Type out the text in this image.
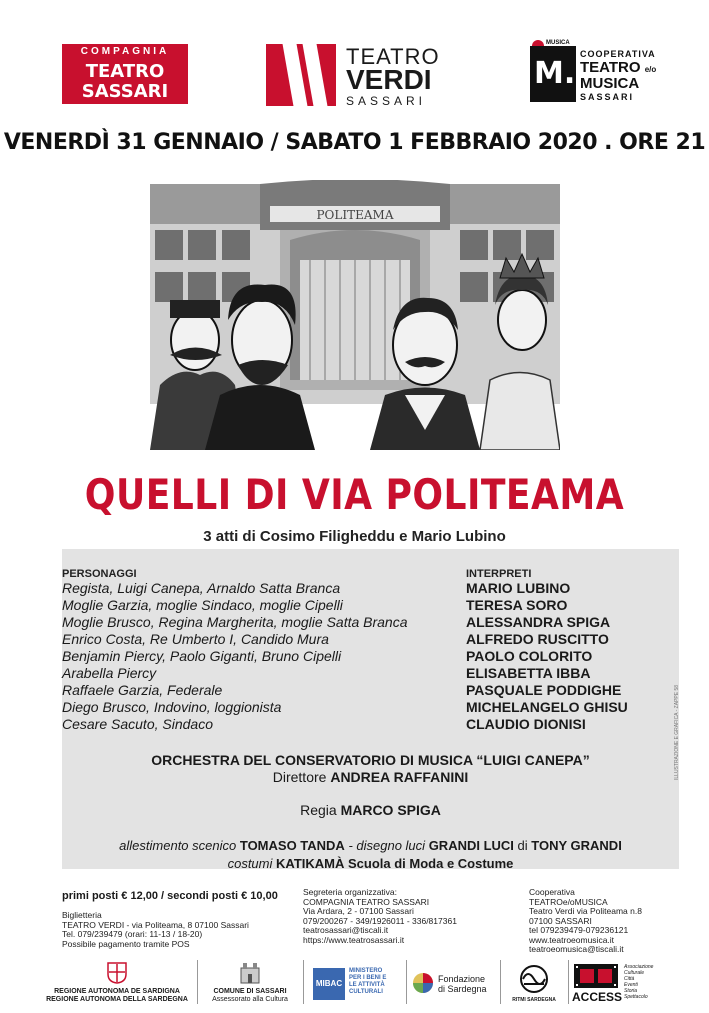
COMPAGNIA
TEATRO
SASSARI
TEATRO
VERDI
SASSARI
MUSICA
M.
COOPERATIVA
TEATRO e/o
MUSICA
SASSARI
VENERDÌ 31 GENNAIO / SABATO 1 FEBBRAIO 2020 . ORE 21
POLITEAMA
QUELLI DI VIA POLITEAMA
3 atti di Cosimo Filigheddu e Mario Lubino
PERSONAGGI
Regista, Luigi Canepa, Arnaldo Satta Branca
Moglie Garzia, moglie Sindaco, moglie Cipelli
Moglie Brusco, Regina Margherita, moglie Satta Branca
Enrico Costa, Re Umberto I, Candido Mura
Benjamin Piercy, Paolo Giganti, Bruno Cipelli
Arabella Piercy
Raffaele Garzia, Federale
Diego Brusco, Indovino, loggionista
Cesare Sacuto, Sindaco
INTERPRETI
MARIO LUBINO
TERESA SORO
ALESSANDRA SPIGA
ALFREDO RUSCITTO
PAOLO COLORITO
ELISABETTA IBBA
PASQUALE PODDIGHE
MICHELANGELO GHISU
CLAUDIO DIONISI
ORCHESTRA DEL CONSERVATORIO DI MUSICA “LUIGI CANEPA”
Direttore ANDREA RAFFANINI
Regia MARCO SPIGA
allestimento scenico TOMASO TANDA - disegno luci GRANDI LUCI di TONY GRANDI
costumi KATIKAMÀ Scuola di Moda e Costume
ILLUSTRAZIONE E GRAFICA - ZAPPE 58
primi posti € 12,00 / secondi posti € 10,00
Biglietteria
TEATRO VERDI - via Politeama, 8 07100 Sassari
Tel. 079/239479 (orari: 11-13 / 18-20)
Possibile pagamento tramite POS
Segreteria organizzativa:
COMPAGNIA TEATRO SASSARI
Via Ardara, 2 - 07100 Sassari
079/200267 - 349/1926011 - 336/817361
teatrosassari@tiscali.it
https://www.teatrosassari.it
Cooperativa
TEATROe/oMUSICA
Teatro Verdi via Politeama n.8
07100 SASSARI
tel 079239479-079236121
www.teatroeomusica.it
teatroeomusica@tiscali.it
REGIONE AUTONOMA DE SARDIGNA
REGIONE AUTONOMA DELLA SARDEGNA
COMUNE DI SASSARI
Assessorato alla Cultura
MIBAC
MINISTERO
PER I BENI E
LE ATTIVITÀ
CULTURALI
Fondazione
di Sardegna
RITMI SARDEGNA	ACCESS
Associazione
Culturale
Città
Eventi
Storia
Spettacolo
